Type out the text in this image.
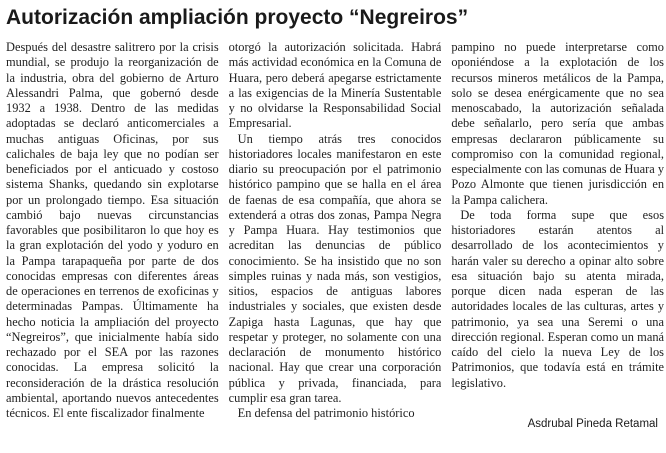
Autorización ampliación proyecto “Negreiros”

Después del desastre salitrero por la crisis mundial, se produjo la reorganización de la industria, obra del gobierno de Arturo Alessandri Palma, que gobernó desde 1932 a 1938. Dentro de las medidas adoptadas se declaró anticomerciales a muchas antiguas Oficinas, por sus calichales de baja ley que no podían ser beneficiados por el anticuado y costoso sistema Shanks, quedando sin explotarse por un prolongado tiempo. Esa situación cambió bajo nuevas circunstancias favorables que posibilitaron lo que hoy es la gran explotación del yodo y yoduro en la Pampa tarapaqueña por parte de dos conocidas empresas con diferentes áreas de operaciones en terrenos de exoficinas y determinadas Pampas. Últimamente ha hecho noticia la ampliación del proyecto “Negreiros”, que inicialmente había sido rechazado por el SEA por las razones conocidas. La empresa solicitó la reconsideración de la drástica resolución ambiental, aportando nuevos antecedentes técnicos. El ente fiscalizador finalmente

otorgó la autorización solicitada. Habrá más actividad económica en la Comuna de Huara, pero deberá apegarse estrictamente a las exigencias de la Minería Sustentable y no olvidarse la Responsabilidad Social Empresarial.

Un tiempo atrás tres conocidos historiadores locales manifestaron en este diario su preocupación por el patrimonio histórico pampino que se halla en el área de faenas de esa compañía, que ahora se extenderá a otras dos zonas, Pampa Negra y Pampa Huara. Hay testimonios que acreditan las denuncias de público conocimiento. Se ha insistido que no son simples ruinas y nada más, son vestigios, sitios, espacios de antiguas labores industriales y sociales, que existen desde Zapiga hasta Lagunas, que hay que respetar y proteger, no solamente con una declaración de monumento histórico nacional. Hay que crear una corporación pública y privada, financiada, para cumplir esa gran tarea.

En defensa del patrimonio histórico

pampino no puede interpretarse como oponiéndose a la explotación de los recursos mineros metálicos de la Pampa, solo se desea enérgicamente que no sea menoscabado, la autorización señalada debe señalarlo, pero sería que ambas empresas declararon públicamente su compromiso con la comunidad regional, especialmente con las comunas de Huara y Pozo Almonte que tienen jurisdicción en la Pampa calichera.

De toda forma supe que esos historiadores estarán atentos al desarrollado de los acontecimientos y harán valer su derecho a opinar alto sobre esa situación bajo su atenta mirada, porque dicen nada esperan de las autoridades locales de las culturas, artes y patrimonio, ya sea una Seremi o una dirección regional. Esperan como un maná caído del cielo la nueva Ley de los Patrimonios, que todavía está en trámite legislativo.

Asdrubal Pineda Retamal
